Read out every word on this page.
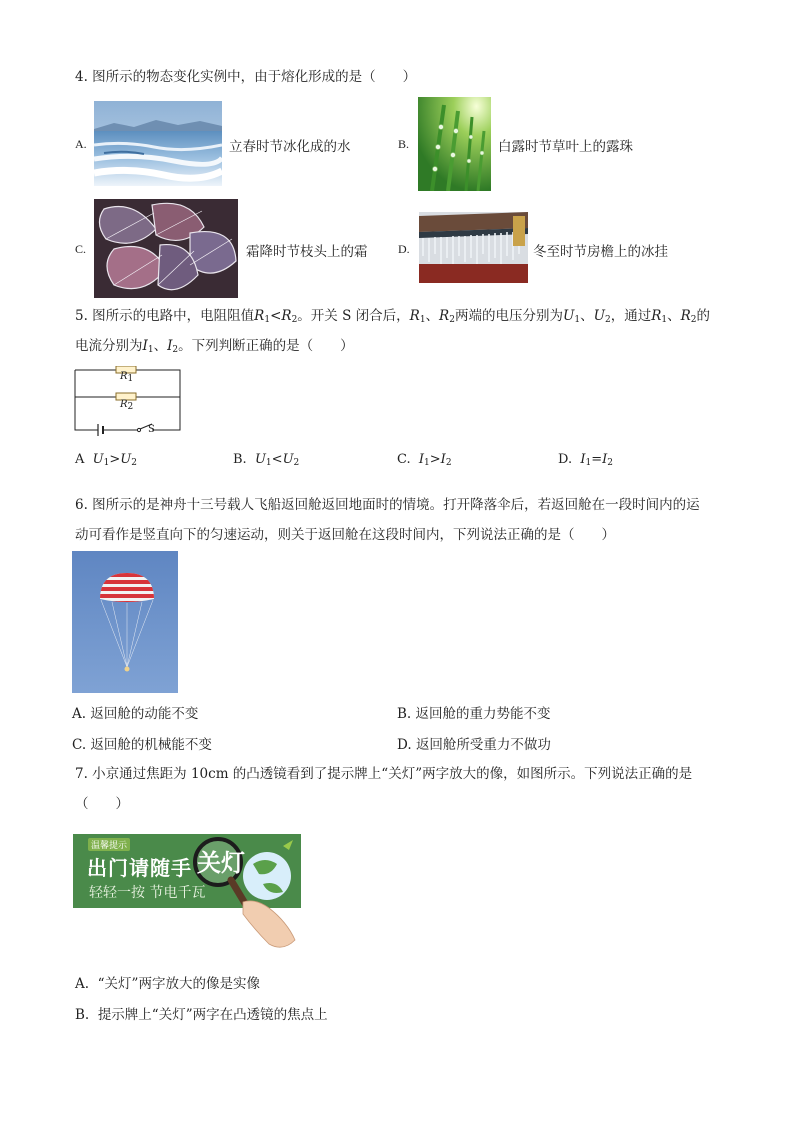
4. 图所示的物态变化实例中，由于熔化形成的是（　　）
A.	立春时节冰化成的水	B.	白露时节草叶上的露珠
C.	霜降时节枝头上的霜	D.	冬至时节房檐上的冰挂
5. 图所示的电路中，电阻阻值$R_1<R_2$。开关 S 闭合后，$R_1$、$R_2$两端的电压分别为$U_1$、$U_2$，通过$R_1$、$R_2$的
电流分别为$I_1$、$I_2$。下列判断正确的是（　　）
$R_1$
$R_2$
S
A $U_1>U_2$	B. $U_1<U_2$	C. $I_1>I_2$	D. $I_1=I_2$
6. 图所示的是神舟十三号载人飞船返回舱返回地面时的情境。打开降落伞后，若返回舱在一段时间内的运
动可看作是竖直向下的匀速运动，则关于返回舱在这段时间内，下列说法正确的是（　　）
A. 返回舱的动能不变	B. 返回舱的重力势能不变
C. 返回舱的机械能不变	D. 返回舱所受重力不做功
7. 小京通过焦距为 10cm 的凸透镜看到了提示牌上“关灯”两字放大的像，如图所示。下列说法正确的是
（　　）
温馨提示
出门请随手
轻轻一按 节电千瓦
关灯
A. “关灯”两字放大的像是实像
B. 提示牌上“关灯”两字在凸透镜的焦点上
